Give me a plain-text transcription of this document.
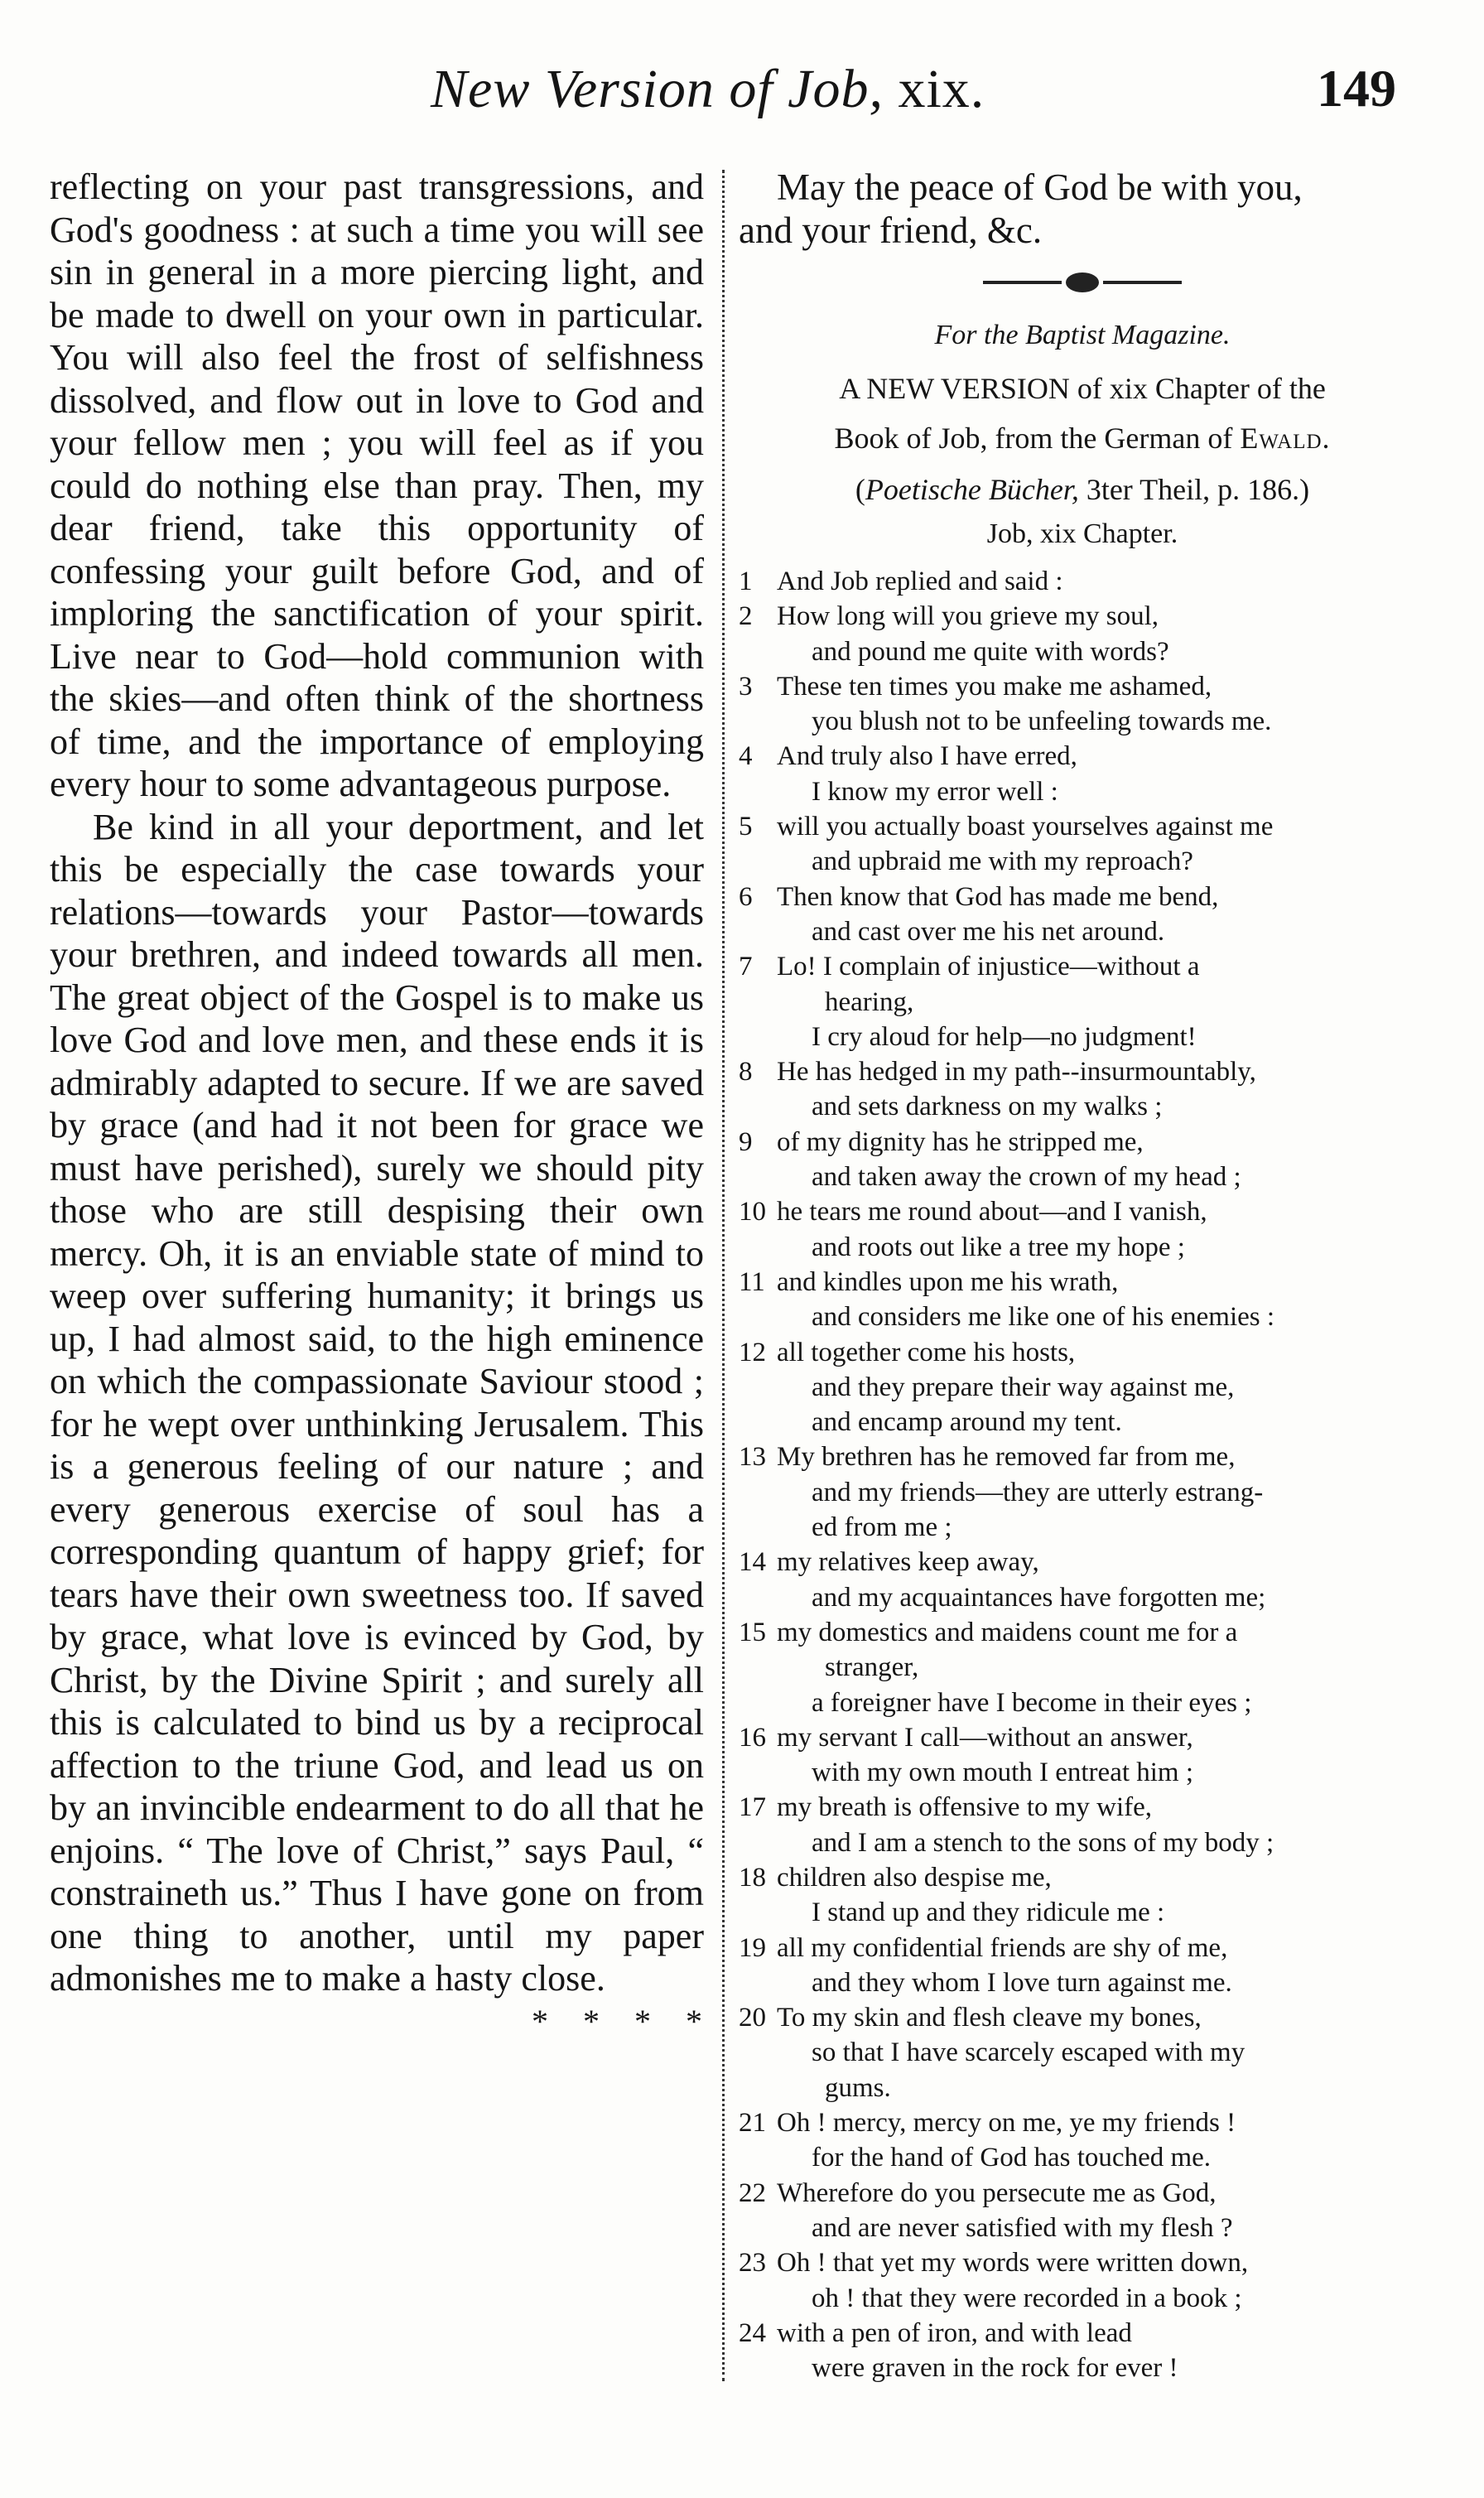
New Version of Job, xix.	149

reflecting on your past transgressions, and God's goodness : at such a time you will see sin in general in a more piercing light, and be made to dwell on your own in particular. You will also feel the frost of selfishness dissolved, and flow out in love to God and your fellow men ; you will feel as if you could do nothing else than pray. Then, my dear friend, take this opportunity of confessing your guilt before God, and of imploring the sanctification of your spirit. Live near to God—hold communion with the skies—and often think of the shortness of time, and the importance of employing every hour to some advantageous purpose.

Be kind in all your deportment, and let this be especially the case towards your relations—towards your Pastor—towards your brethren, and indeed towards all men. The great object of the Gospel is to make us love God and love men, and these ends it is admirably adapted to secure. If we are saved by grace (and had it not been for grace we must have perished), surely we should pity those who are still despising their own mercy. Oh, it is an enviable state of mind to weep over suffering humanity; it brings us up, I had almost said, to the high eminence on which the compassionate Saviour stood ; for he wept over unthinking Jerusalem. This is a generous feeling of our nature ; and every generous exercise of soul has a corresponding quantum of happy grief; for tears have their own sweetness too. If saved by grace, what love is evinced by God, by Christ, by the Divine Spirit ; and surely all this is calculated to bind us by a reciprocal affection to the triune God, and lead us on by an invincible endearment to do all that he enjoins. “ The love of Christ,” says Paul, “ constraineth us.” Thus I have gone on from one thing to another, until my paper admonishes me to make a hasty close.
* * * *

May the peace of God be with you,
and your friend, &c.

For the Baptist Magazine.
A NEW VERSION of xix Chapter of the
Book of Job, from the German of Ewald.
(Poetische Bücher, 3ter Theil, p. 186.)
Job, xix Chapter.
1 And Job replied and said :
2 How long will you grieve my soul,
and pound me quite with words?
3 These ten times you make me ashamed,
you blush not to be unfeeling towards me.
4 And truly also I have erred,
I know my error well :
5 will you actually boast yourselves against me
and upbraid me with my reproach?
6 Then know that God has made me bend,
and cast over me his net around.
7 Lo! I complain of injustice—without a
hearing,
I cry aloud for help—no judgment!
8 He has hedged in my path--insurmountably,
and sets darkness on my walks ;
9 of my dignity has he stripped me,
and taken away the crown of my head ;
10 he tears me round about—and I vanish,
and roots out like a tree my hope ;
11 and kindles upon me his wrath,
and considers me like one of his enemies :
12 all together come his hosts,
and they prepare their way against me,
and encamp around my tent.
13 My brethren has he removed far from me,
and my friends—they are utterly estrang-
ed from me ;
14 my relatives keep away,
and my acquaintances have forgotten me;
15 my domestics and maidens count me for a
stranger,
a foreigner have I become in their eyes ;
16 my servant I call—without an answer,
with my own mouth I entreat him ;
17 my breath is offensive to my wife,
and I am a stench to the sons of my body ;
18 children also despise me,
I stand up and they ridicule me :
19 all my confidential friends are shy of me,
and they whom I love turn against me.
20 To my skin and flesh cleave my bones,
so that I have scarcely escaped with my
gums.
21 Oh ! mercy, mercy on me, ye my friends !
for the hand of God has touched me.
22 Wherefore do you persecute me as God,
and are never satisfied with my flesh ?
23 Oh ! that yet my words were written down,
oh ! that they were recorded in a book ;
24 with a pen of iron, and with lead
were graven in the rock for ever !
